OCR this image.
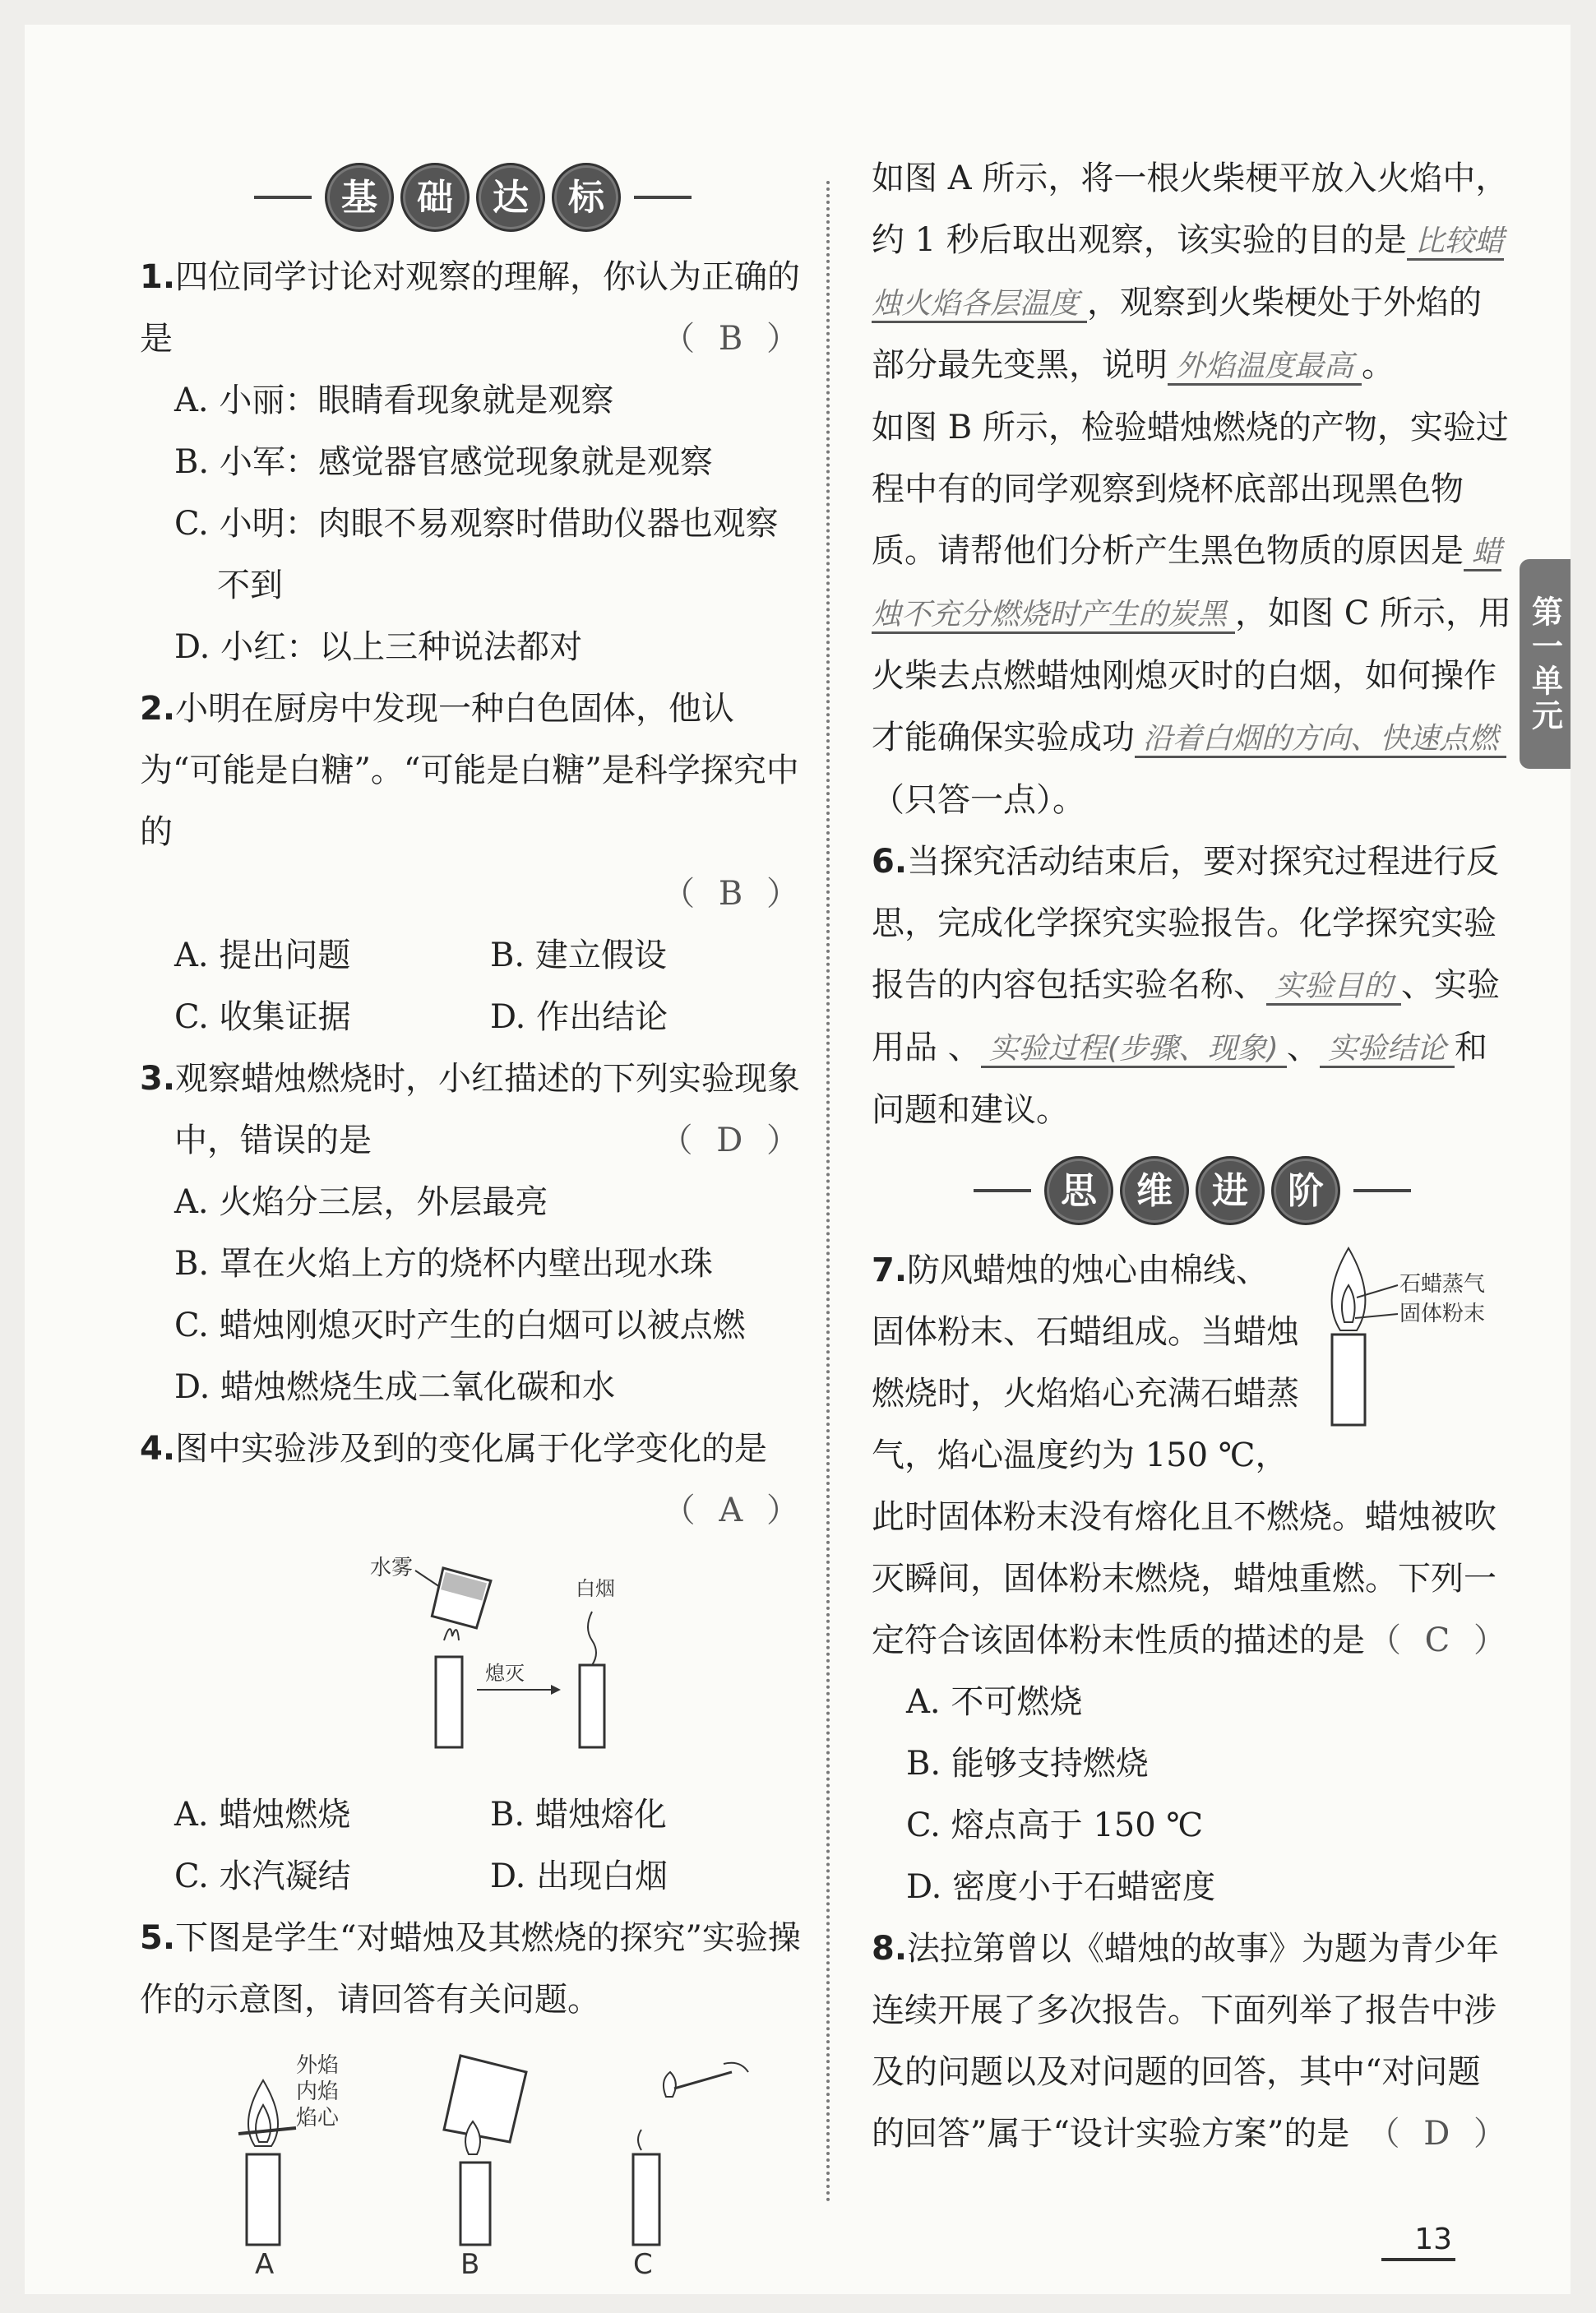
基	础	达	标
1.四位同学讨论对观察的理解，你认为正确的是	（ B ）
A. 小丽：眼睛看现象就是观察
B. 小军：感觉器官感觉现象就是观察
C. 小明：肉眼不易观察时借助仪器也观察
不到
D. 小红：以上三种说法都对
2.小明在厨房中发现一种白色固体，他认为“可能是白糖”。“可能是白糖”是科学探究中的
（ B ）
A. 提出问题	B. 建立假设
C. 收集证据	D. 作出结论
3.观察蜡烛燃烧时，小红描述的下列实验现象
中，错误的是	（ D ）
A. 火焰分三层，外层最亮
B. 罩在火焰上方的烧杯内壁出现水珠
C. 蜡烛刚熄灭时产生的白烟可以被点燃
D. 蜡烛燃烧生成二氧化碳和水
4.图中实验涉及到的变化属于化学变化的是
（ A ）
水雾
熄灭
白烟
A. 蜡烛燃烧	B. 蜡烛熔化
C. 水汽凝结	D. 出现白烟
5.下图是学生“对蜡烛及其燃烧的探究”实验操作的示意图，请回答有关问题。
外焰
内焰
焰心
A	B	C
如图 A 所示，将一根火柴梗平放入火焰中，约 1 秒后取出观察，该实验的目的是 比较蜡烛火焰各层温度 ，观察到火柴梗处于外焰的部分最先变黑，说明 外焰温度最高 。
如图 B 所示，检验蜡烛燃烧的产物，实验过程中有的同学观察到烧杯底部出现黑色物质。请帮他们分析产生黑色物质的原因是 蜡烛不充分燃烧时产生的炭黑 ，如图 C 所示，用火柴去点燃蜡烛刚熄灭时的白烟，如何操作才能确保实验成功 沿着白烟的方向、快速点燃（只答一点）。
6.当探究活动结束后，要对探究过程进行反思，完成化学探究实验报告。化学探究实验报告的内容包括实验名称、 实验目的 、实验用品 、 实验过程(步骤、现象) 、 实验结论 和问题和建议。
思	维	进	阶
石蜡蒸气
固体粉末
7.防风蜡烛的烛心由棉线、固体粉末、石蜡组成。当蜡烛燃烧时，火焰焰心充满石蜡蒸气，焰心温度约为 150 ℃，此时固体粉末没有熔化且不燃烧。蜡烛被吹灭瞬间，固体粉末燃烧，蜡烛重燃。下列一定符合该固体粉末性质的描述的是 （ C ）
A. 不可燃烧
B. 能够支持燃烧
C. 熔点高于 150 ℃
D. 密度小于石蜡密度
8.法拉第曾以《蜡烛的故事》为题为青少年连续开展了多次报告。下面列举了报告中涉及的问题以及对问题的回答，其中“对问题的回答”属于“设计实验方案”的是 （ D ）
第一单元
13
